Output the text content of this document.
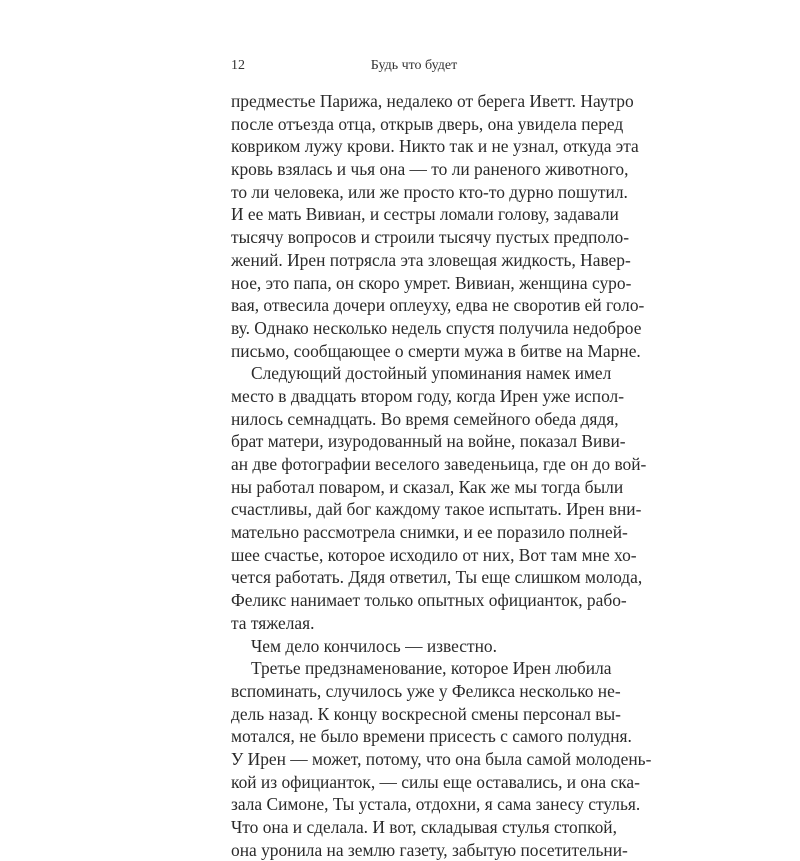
12	Будь что будет
предместье Парижа, недалеко от берега Иветт. Наутро
после отъезда отца, открыв дверь, она увидела перед
ковриком лужу крови. Никто так и не узнал, откуда эта
кровь взялась и чья она — то ли раненого животного,
то ли человека, или же просто кто-то дурно пошутил.
И ее мать Вивиан, и сестры ломали голову, задавали
тысячу вопросов и строили тысячу пустых предполо-
жений. Ирен потрясла эта зловещая жидкость, Навер-
ное, это папа, он скоро умрет. Вивиан, женщина суро-
вая, отвесила дочери оплеуху, едва не своротив ей голо-
ву. Однако несколько недель спустя получила недоброе
письмо, сообщающее о смерти мужа в битве на Марне.
Следующий достойный упоминания намек имел
место в двадцать втором году, когда Ирен уже испол-
нилось семнадцать. Во время семейного обеда дядя,
брат матери, изуродованный на войне, показал Виви-
ан две фотографии веселого заведеньица, где он до вой-
ны работал поваром, и сказал, Как же мы тогда были
счастливы, дай бог каждому такое испытать. Ирен вни-
мательно рассмотрела снимки, и ее поразило полней-
шее счастье, которое исходило от них, Вот там мне хо-
чется работать. Дядя ответил, Ты еще слишком молода,
Феликс нанимает только опытных официанток, рабо-
та тяжелая.
Чем дело кончилось — известно.
Третье предзнаменование, которое Ирен любила
вспоминать, случилось уже у Феликса несколько не-
дель назад. К концу воскресной смены персонал вы-
мотался, не было времени присесть с самого полудня.
У Ирен — может, потому, что она была самой молодень-
кой из официанток, — силы еще оставались, и она ска-
зала Симоне, Ты устала, отдохни, я сама занесу стулья.
Что она и сделала. И вот, складывая стулья стопкой,
она уронила на землю газету, забытую посетительни-
